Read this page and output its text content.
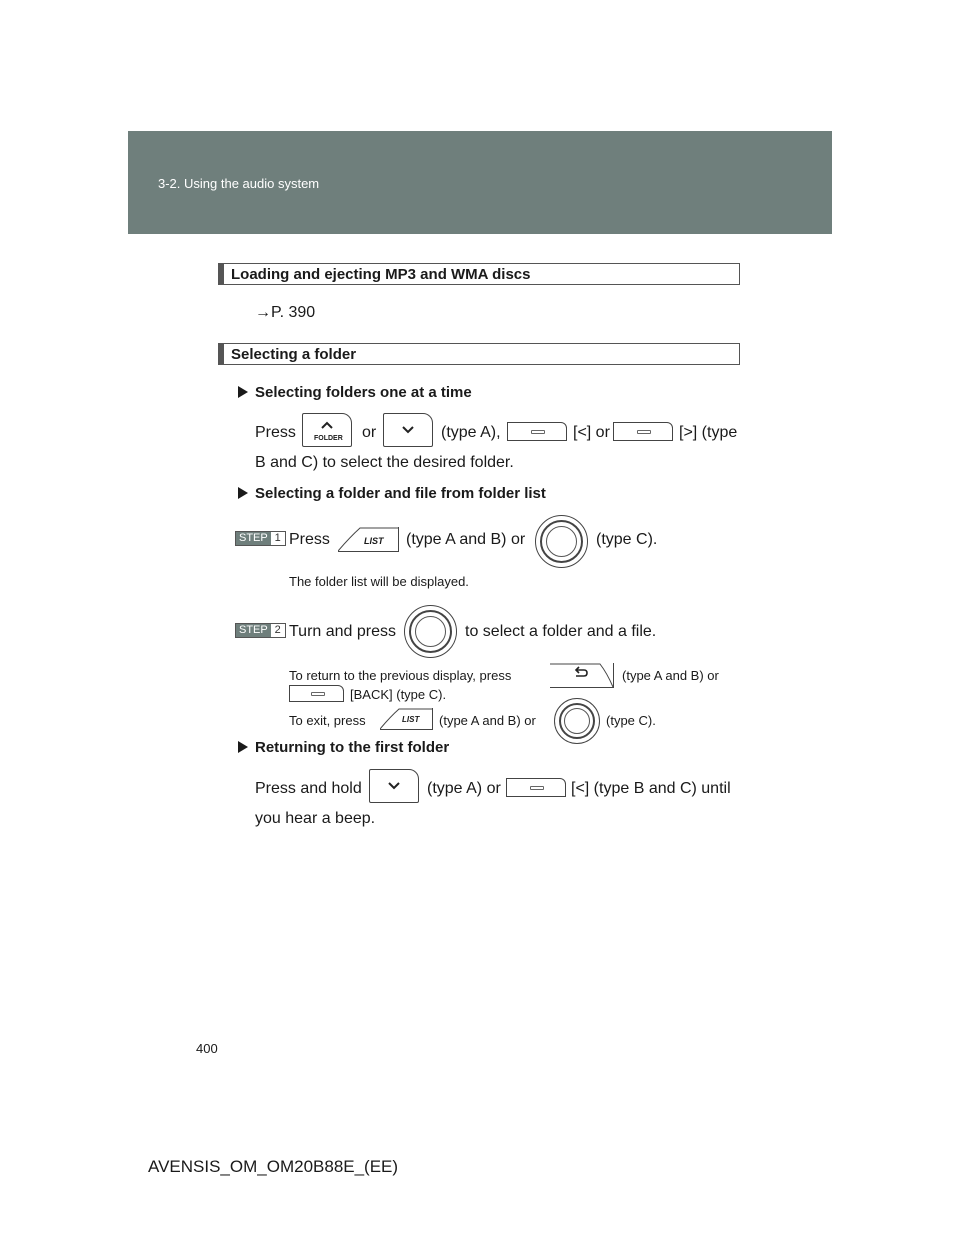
3-2. Using the audio system
Loading and ejecting MP3 and WMA discs
→P. 390
Selecting a folder
Selecting folders one at a time
Press	FOLDER or	(type A),	[<] or	[>] (type
B and C) to select the desired folder.
Selecting a folder and file from folder list
STEP 1 Press	LIST (type A and B) or	(type C).
The folder list will be displayed.
STEP 2 Turn and press	to select a folder and a file.
To return to the previous display, press	(type A and B) or
[BACK] (type C).
To exit, press	LIST (type A and B) or	(type C).
Returning to the first folder
Press and hold	(type A) or	[<] (type B and C) until
you hear a beep.
400
AVENSIS_OM_OM20B88E_(EE)
